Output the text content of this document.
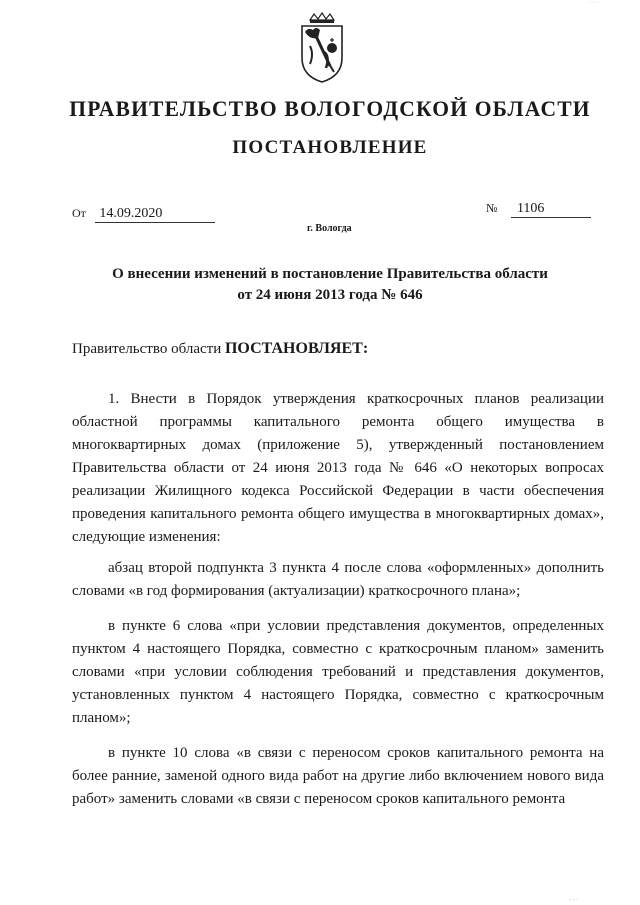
· · ·
ПРАВИТЕЛЬСТВО ВОЛОГОДСКОЙ ОБЛАСТИ
ПОСТАНОВЛЕНИЕ
От 14.09.2020	№ 1106
г. Вологда
О внесении изменений в постановление Правительства области
от 24 июня 2013 года № 646
Правительство области ПОСТАНОВЛЯЕТ:

1. Внести в Порядок утверждения краткосрочных планов реализации областной программы капитального ремонта общего имущества в многоквартирных домах (приложение 5), утвержденный постановлением Правительства области от 24 июня 2013 года № 646 «О некоторых вопросах реализации Жилищного кодекса Российской Федерации в части обеспечения проведения капитального ремонта общего имущества в многоквартирных домах», следующие изменения:

абзац второй подпункта 3 пункта 4 после слова «оформленных» дополнить словами «в год формирования (актуализации) краткосрочного плана»;

в пункте 6 слова «при условии представления документов, определенных пунктом 4 настоящего Порядка, совместно с краткосрочным планом» заменить словами «при условии соблюдения требований и представления документов, установленных пунктом 4 настоящего Порядка, совместно с краткосрочным планом»;

в пункте 10 слова «в связи с переносом сроков капитального ремонта на более ранние, заменой одного вида работ на другие либо включением нового вида работ» заменить словами «в связи с переносом сроков капитального ремонта

· · ·
